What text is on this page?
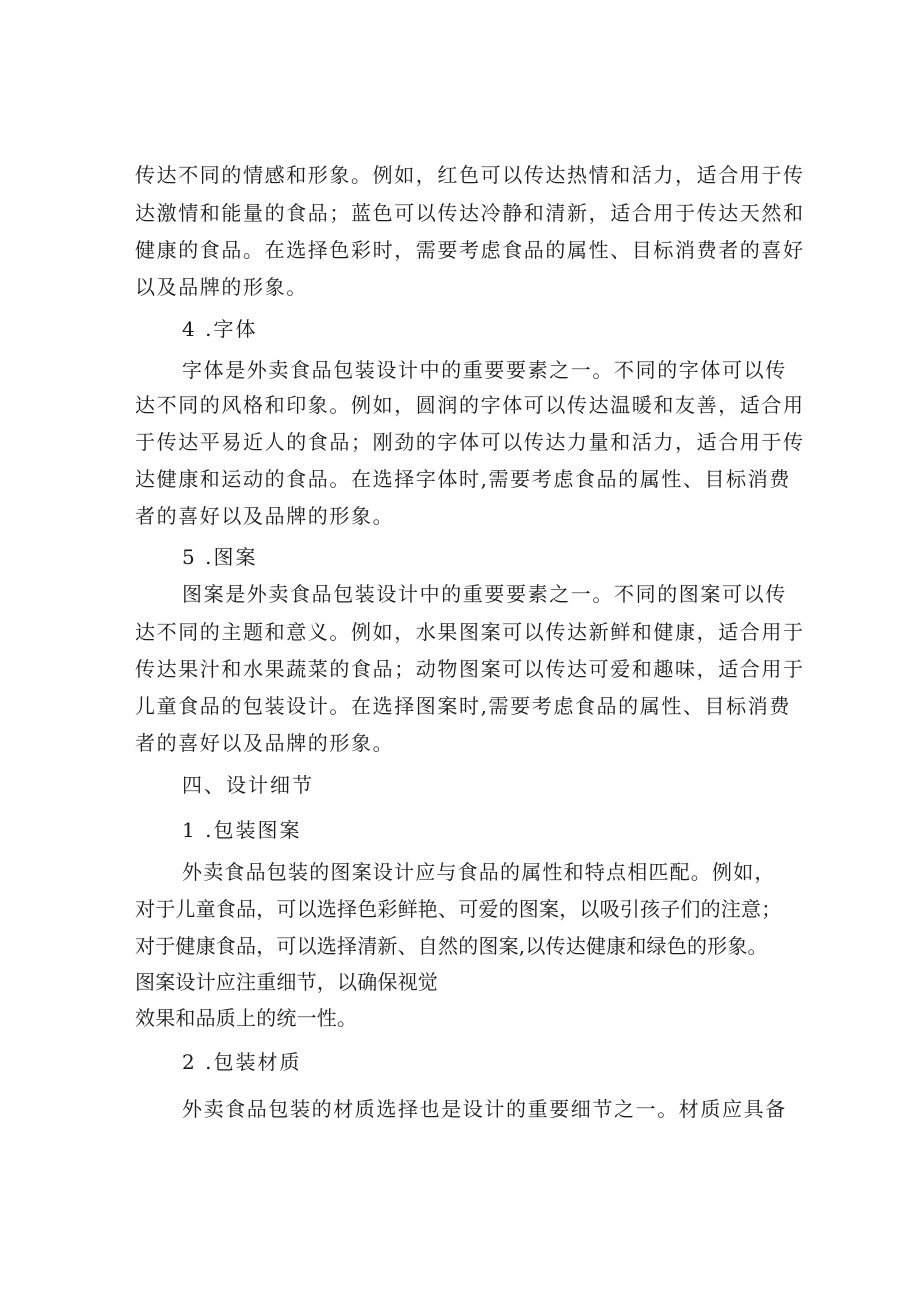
传达不同的情感和形象。例如，红色可以传达热情和活力，适合用于传
达激情和能量的食品；蓝色可以传达冷静和清新，适合用于传达天然和
健康的食品。在选择色彩时，需要考虑食品的属性、目标消费者的喜好
以及品牌的形象。
4 .字体
字体是外卖食品包装设计中的重要要素之一。不同的字体可以传
达不同的风格和印象。例如，圆润的字体可以传达温暖和友善，适合用
于传达平易近人的食品；刚劲的字体可以传达力量和活力，适合用于传
达健康和运动的食品。在选择字体时,需要考虑食品的属性、目标消费
者的喜好以及品牌的形象。
5 .图案
图案是外卖食品包装设计中的重要要素之一。不同的图案可以传
达不同的主题和意义。例如，水果图案可以传达新鲜和健康，适合用于
传达果汁和水果蔬菜的食品；动物图案可以传达可爱和趣味，适合用于
儿童食品的包装设计。在选择图案时,需要考虑食品的属性、目标消费
者的喜好以及品牌的形象。
四、设计细节
1 .包装图案
外卖食品包装的图案设计应与食品的属性和特点相匹配。例如，
对于儿童食品，可以选择色彩鲜艳、可爱的图案，以吸引孩子们的注意；
对于健康食品，可以选择清新、自然的图案,以传达健康和绿色的形象。
图案设计应注重细节，以确保视觉
效果和品质上的统一性。
2 .包装材质
外卖食品包装的材质选择也是设计的重要细节之一。材质应具备
